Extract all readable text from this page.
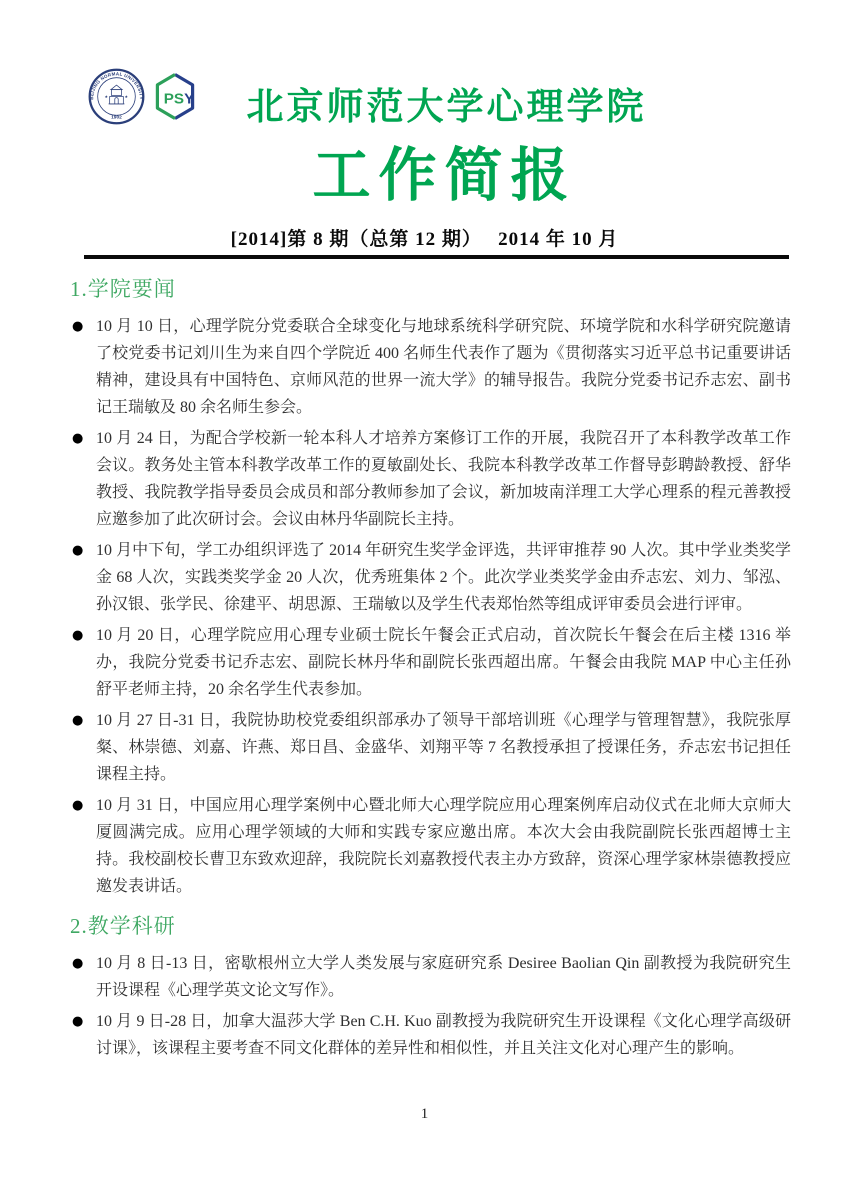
BEIJING NORMAL UNIVERSITY
★ ★
1902
PSY	北京师范大学心理学院
工作简报
[2014]第 8 期（总第 12 期）　 2014 年 10 月
1.学院要闻
● 10 月 10 日，心理学院分党委联合全球变化与地球系统科学研究院、环境学院和水科学研究院邀请了校党委书记刘川生为来自四个学院近 400 名师生代表作了题为《贯彻落实习近平总书记重要讲话精神，建设具有中国特色、京师风范的世界一流大学》的辅导报告。我院分党委书记乔志宏、副书记王瑞敏及 80 余名师生参会。

● 10 月 24 日，为配合学校新一轮本科人才培养方案修订工作的开展，我院召开了本科教学改革工作会议。教务处主管本科教学改革工作的夏敏副处长、我院本科教学改革工作督导彭聘龄教授、舒华教授、我院教学指导委员会成员和部分教师参加了会议，新加坡南洋理工大学心理系的程元善教授应邀参加了此次研讨会。会议由林丹华副院长主持。

● 10 月中下旬，学工办组织评选了 2014 年研究生奖学金评选，共评审推荐 90 人次。其中学业类奖学金 68 人次，实践类奖学金 20 人次，优秀班集体 2 个。此次学业类奖学金由乔志宏、刘力、邹泓、孙汉银、张学民、徐建平、胡思源、王瑞敏以及学生代表郑怡然等组成评审委员会进行评审。

● 10 月 20 日，心理学院应用心理专业硕士院长午餐会正式启动，首次院长午餐会在后主楼 1316 举办，我院分党委书记乔志宏、副院长林丹华和副院长张西超出席。午餐会由我院 MAP 中心主任孙舒平老师主持，20 余名学生代表参加。

● 10 月 27 日-31 日，我院协助校党委组织部承办了领导干部培训班《心理学与管理智慧》，我院张厚粲、林崇德、刘嘉、许燕、郑日昌、金盛华、刘翔平等 7 名教授承担了授课任务，乔志宏书记担任课程主持。

● 10 月 31 日，中国应用心理学案例中心暨北师大心理学院应用心理案例库启动仪式在北师大京师大厦圆满完成。应用心理学领域的大师和实践专家应邀出席。本次大会由我院副院长张西超博士主持。我校副校长曹卫东致欢迎辞，我院院长刘嘉教授代表主办方致辞，资深心理学家林崇德教授应邀发表讲话。

2.教学科研
● 10 月 8 日-13 日，密歇根州立大学人类发展与家庭研究系 Desiree Baolian Qin 副教授为我院研究生开设课程《心理学英文论文写作》。

● 10 月 9 日-28 日，加拿大温莎大学 Ben C.H. Kuo 副教授为我院研究生开设课程《文化心理学高级研讨课》，该课程主要考查不同文化群体的差异性和相似性，并且关注文化对心理产生的影响。

1
